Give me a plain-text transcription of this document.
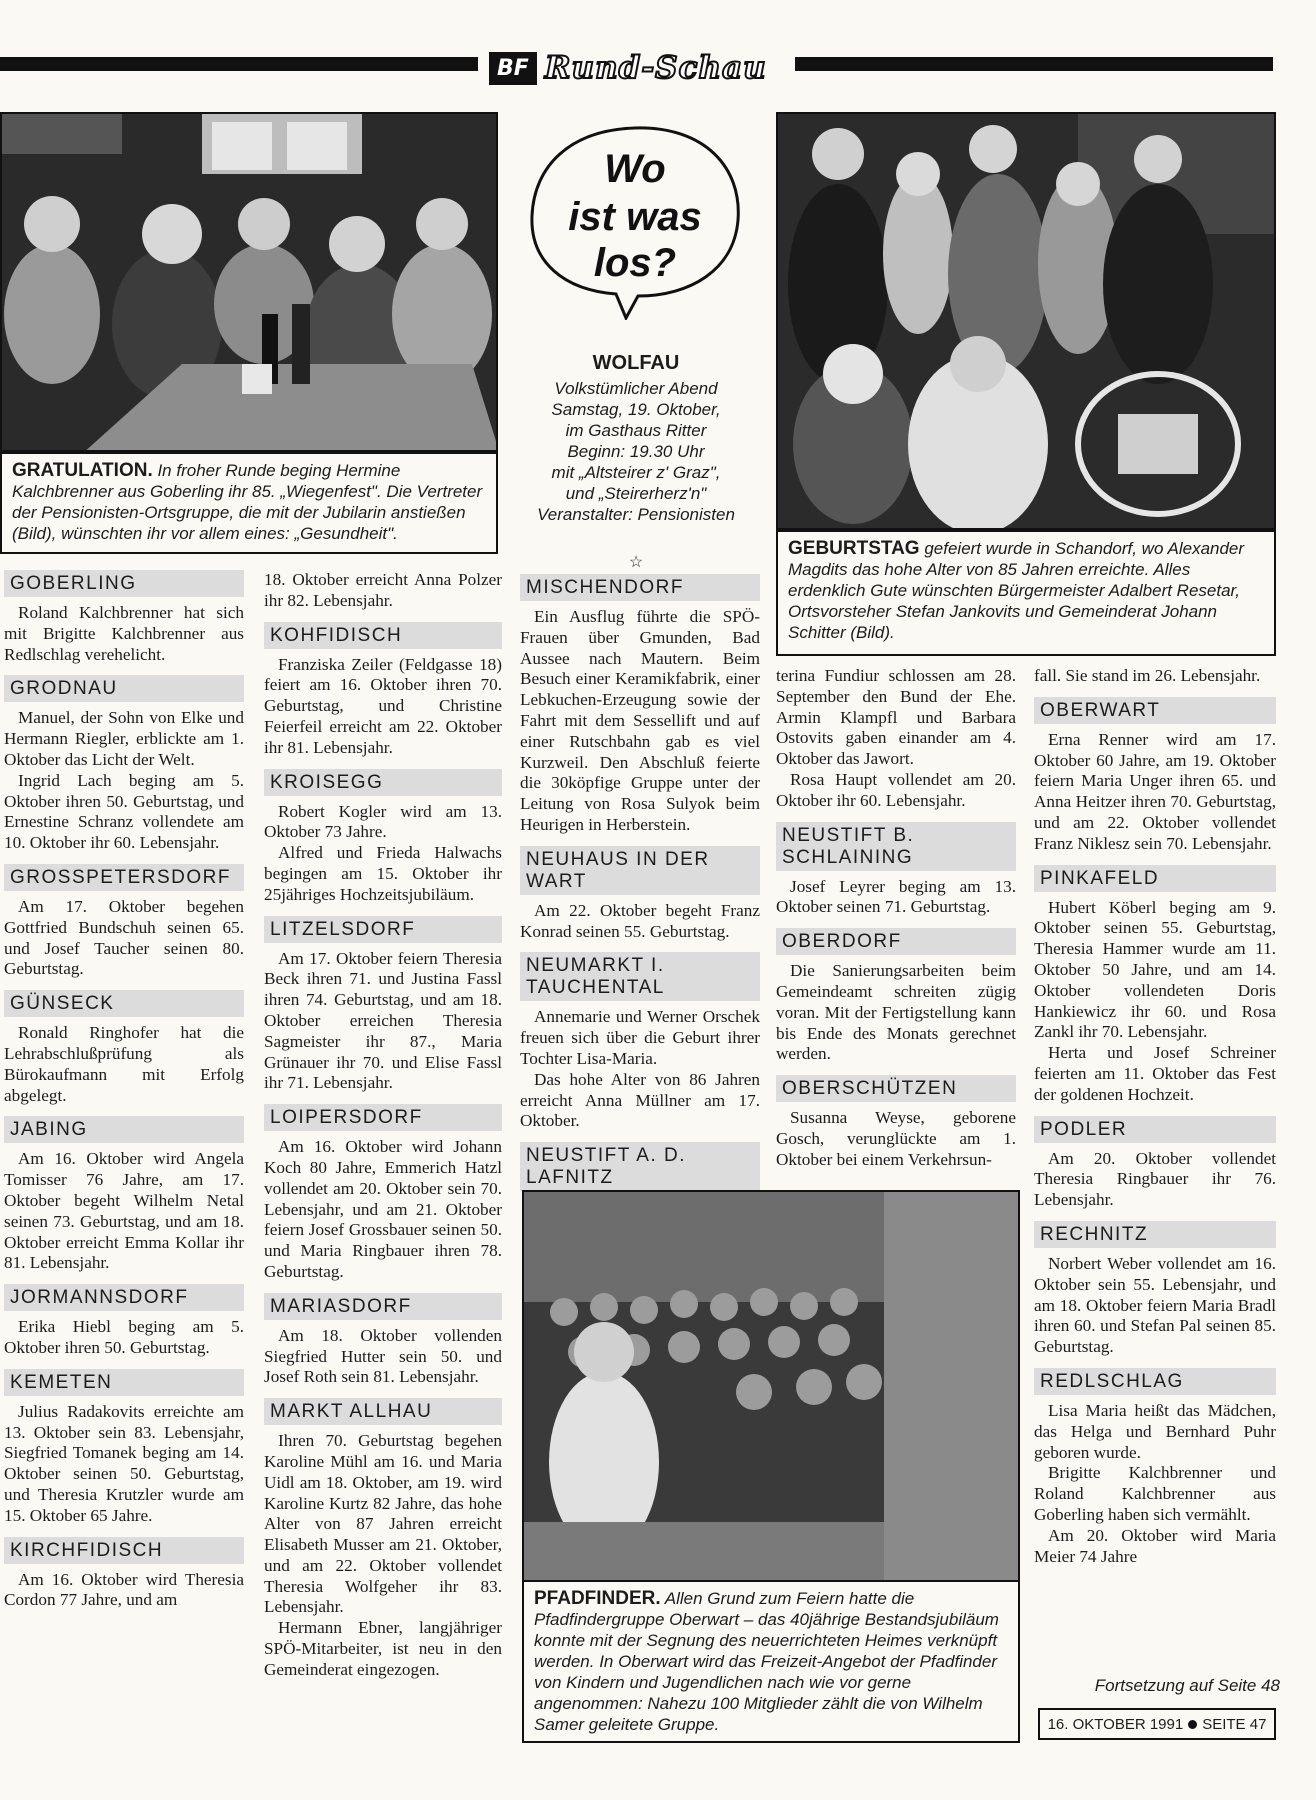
BF Rund-Schau
GRATULATION. In froher Runde beging Hermine Kalchbrenner aus Goberling ihr 85. „Wiegenfest". Die Vertreter der Pensionisten-Ortsgruppe, die mit der Jubilarin anstießen (Bild), wünschten ihr vor allem eines: „Gesundheit".
Wo
ist was
los?
WOLFAU
Volkstümlicher Abend
Samstag, 19. Oktober,
im Gasthaus Ritter
Beginn: 19.30 Uhr
mit „Altsteirer z' Graz",
und „Steirerherz'n"
Veranstalter: Pensionisten
☆
GEBURTSTAG gefeiert wurde in Schandorf, wo Alexander Magdits das hohe Alter von 85 Jahren erreichte. Alles erdenklich Gute wünschten Bürgermeister Adalbert Resetar, Ortsvorsteher Stefan Jankovits und Gemeinderat Johann Schitter (Bild).
GOBERLING

Roland Kalchbrenner hat sich mit Brigitte Kalchbrenner aus Redlschlag verehelicht.

GRODNAU

Manuel, der Sohn von Elke und Hermann Riegler, erblickte am 1. Oktober das Licht der Welt.

Ingrid Lach beging am 5. Oktober ihren 50. Geburtstag, und Ernestine Schranz vollendete am 10. Oktober ihr 60. Lebensjahr.

GROSSPETERSDORF

Am 17. Oktober begehen Gottfried Bundschuh seinen 65. und Josef Taucher seinen 80. Geburtstag.

GÜNSECK

Ronald Ringhofer hat die Lehrabschlußprüfung als Bürokaufmann mit Erfolg abgelegt.

JABING

Am 16. Oktober wird Angela Tomisser 76 Jahre, am 17. Oktober begeht Wilhelm Netal seinen 73. Geburtstag, und am 18. Oktober erreicht Emma Kollar ihr 81. Lebensjahr.

JORMANNSDORF

Erika Hiebl beging am 5. Oktober ihren 50. Geburtstag.

KEMETEN

Julius Radakovits erreichte am 13. Oktober sein 83. Lebensjahr, Siegfried Tomanek beging am 14. Oktober seinen 50. Geburtstag, und Theresia Krutzler wurde am 15. Oktober 65 Jahre.

KIRCHFIDISCH

Am 16. Oktober wird Theresia Cordon 77 Jahre, und am

18. Oktober erreicht Anna Polzer ihr 82. Lebensjahr.

KOHFIDISCH

Franziska Zeiler (Feldgasse 18) feiert am 16. Oktober ihren 70. Geburtstag, und Christine Feierfeil erreicht am 22. Oktober ihr 81. Lebensjahr.

KROISEGG

Robert Kogler wird am 13. Oktober 73 Jahre.

Alfred und Frieda Halwachs begingen am 15. Oktober ihr 25jähriges Hochzeitsjubiläum.

LITZELSDORF

Am 17. Oktober feiern Theresia Beck ihren 71. und Justina Fassl ihren 74. Geburtstag, und am 18. Oktober erreichen Theresia Sagmeister ihr 87., Maria Grünauer ihr 70. und Elise Fassl ihr 71. Lebensjahr.

LOIPERSDORF

Am 16. Oktober wird Johann Koch 80 Jahre, Emmerich Hatzl vollendet am 20. Oktober sein 70. Lebensjahr, und am 21. Oktober feiern Josef Grossbauer seinen 50. und Maria Ringbauer ihren 78. Geburtstag.

MARIASDORF

Am 18. Oktober vollenden Siegfried Hutter sein 50. und Josef Roth sein 81. Lebensjahr.

MARKT ALLHAU

Ihren 70. Geburtstag begehen Karoline Mühl am 16. und Maria Uidl am 18. Oktober, am 19. wird Karoline Kurtz 82 Jahre, das hohe Alter von 87 Jahren erreicht Elisabeth Musser am 21. Oktober, und am 22. Oktober vollendet Theresia Wolfgeher ihr 83. Lebensjahr.

Hermann Ebner, langjähriger SPÖ-Mitarbeiter, ist neu in den Gemeinderat eingezogen.

MISCHENDORF

Ein Ausflug führte die SPÖ-Frauen über Gmunden, Bad Aussee nach Mautern. Beim Besuch einer Keramikfabrik, einer Lebkuchen-Erzeugung sowie der Fahrt mit dem Sessellift und auf einer Rutschbahn gab es viel Kurzweil. Den Abschluß feierte die 30köpfige Gruppe unter der Leitung von Rosa Sulyok beim Heurigen in Herberstein.

NEUHAUS IN DER WART

Am 22. Oktober begeht Franz Konrad seinen 55. Geburtstag.

NEUMARKT I. TAUCHENTAL

Annemarie und Werner Orschek freuen sich über die Geburt ihrer Tochter Lisa-Maria.

Das hohe Alter von 86 Jahren erreicht Anna Müllner am 17. Oktober.

NEUSTIFT A. D. LAFNITZ

terina Fundiur schlossen am 28. September den Bund der Ehe. Armin Klampfl und Barbara Ostovits gaben einander am 4. Oktober das Jawort.

Rosa Haupt vollendet am 20. Oktober ihr 60. Lebensjahr.

NEUSTIFT B. SCHLAINING

Josef Leyrer beging am 13. Oktober seinen 71. Geburtstag.

OBERDORF

Die Sanierungsarbeiten beim Gemeindeamt schreiten zügig voran. Mit der Fertigstellung kann bis Ende des Monats gerechnet werden.

OBERSCHÜTZEN

Susanna Weyse, geborene Gosch, verunglückte am 1. Oktober bei einem Verkehrsun-

fall. Sie stand im 26. Lebensjahr.

OBERWART

Erna Renner wird am 17. Oktober 60 Jahre, am 19. Oktober feiern Maria Unger ihren 65. und Anna Heitzer ihren 70. Geburtstag, und am 22. Oktober vollendet Franz Niklesz sein 70. Lebensjahr.

PINKAFELD

Hubert Köberl beging am 9. Oktober seinen 55. Geburtstag, Theresia Hammer wurde am 11. Oktober 50 Jahre, und am 14. Oktober vollendeten Doris Hankiewicz ihr 60. und Rosa Zankl ihr 70. Lebensjahr.

Herta und Josef Schreiner feierten am 11. Oktober das Fest der goldenen Hochzeit.

PODLER

Am 20. Oktober vollendet Theresia Ringbauer ihr 76. Lebensjahr.

RECHNITZ

Norbert Weber vollendet am 16. Oktober sein 55. Lebensjahr, und am 18. Oktober feiern Maria Bradl ihren 60. und Stefan Pal seinen 85. Geburtstag.

REDLSCHLAG

Lisa Maria heißt das Mädchen, das Helga und Bernhard Puhr geboren wurde.

Brigitte Kalchbrenner und Roland Kalchbrenner aus Goberling haben sich vermählt.

Am 20. Oktober wird Maria Meier 74 Jahre

PFADFINDER. Allen Grund zum Feiern hatte die Pfadfindergruppe Oberwart – das 40jährige Bestandsjubiläum konnte mit der Segnung des neuerrichteten Heimes verknüpft werden. In Oberwart wird das Freizeit-Angebot der Pfadfinder von Kindern und Jugendlichen nach wie vor gerne angenommen: Nahezu 100 Mitglieder zählt die von Wilhelm Samer geleitete Gruppe.
Fortsetzung auf Seite 48
16. OKTOBER 1991 SEITE 47
